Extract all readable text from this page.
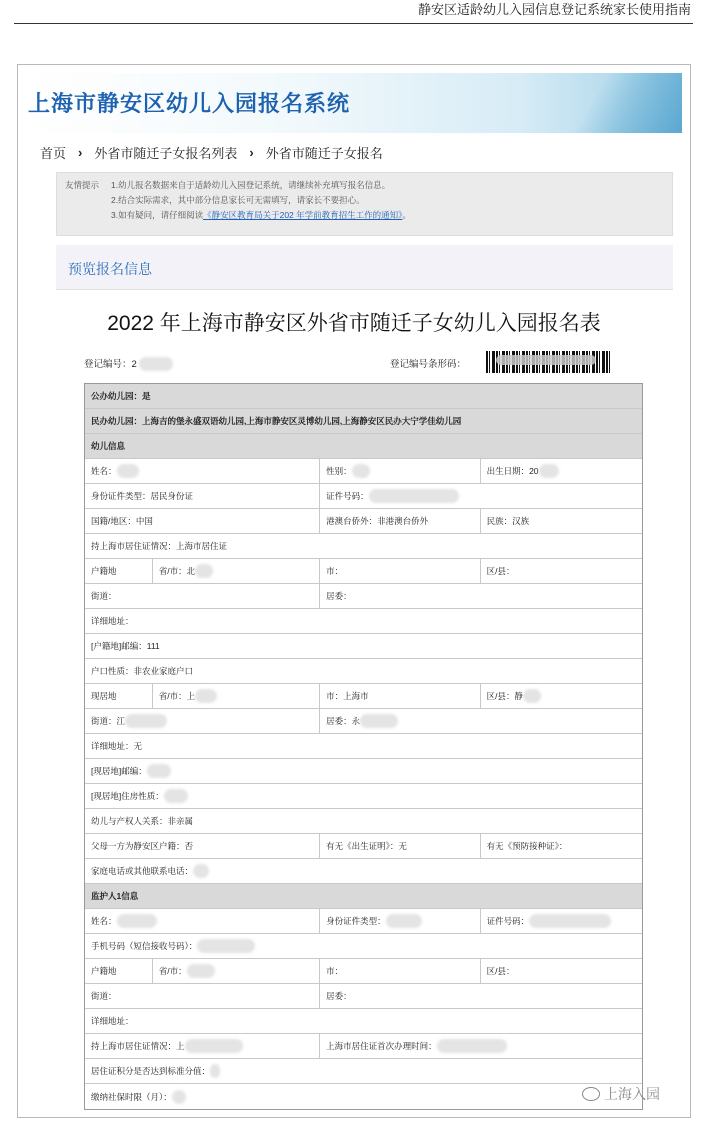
静安区适龄幼儿入园信息登记系统家长使用指南
上海市静安区幼儿入园报名系统
首页 › 外省市随迁子女报名列表 › 外省市随迁子女报名
友情提示 1.幼儿报名数据来自于适龄幼儿入园登记系统，请继续补充填写报名信息。
2.结合实际需求，其中部分信息家长可无需填写，请家长不要担心。
3.如有疑问，请仔细阅读《静安区教育局关于202 年学前教育招生工作的通知》。
预览报名信息
2022 年上海市静安区外省市随迁子女幼儿入园报名表
登记编号：2	登记编号条形码：
公办幼儿园：是
民办幼儿园：上海吉的堡永盛双语幼儿园,上海市静安区灵博幼儿园,上海静安区民办大宁学佳幼儿园
幼儿信息
姓名：	性别：	出生日期：20
身份证件类型：居民身份证	证件号码：
国籍/地区：中国	港澳台侨外：非港澳台侨外	民族：汉族
持上海市居住证情况：上海市居住证
户籍地	省/市：北	市：	区/县：
街道：	居委：
详细地址：
[户籍地]邮编：111
户口性质：非农业家庭户口
现居地	省/市：上	市：上海市	区/县：静
街道：江	居委：永
详细地址：无
[现居地]邮编：
[现居地]住房性质：
幼儿与产权人关系：非亲属
父母一方为静安区户籍：否	有无《出生证明》：无	有无《预防接种证》：
家庭电话或其他联系电话：
监护人1信息
姓名：	身份证件类型：	证件号码：
手机号码（短信接收号码）：
户籍地	省/市：	市：	区/县：
街道：	居委：
详细地址：
持上海市居住证情况：上	上海市居住证首次办理时间：
居住证积分是否达到标准分值：
缴纳社保时限（月）：	上海入园
